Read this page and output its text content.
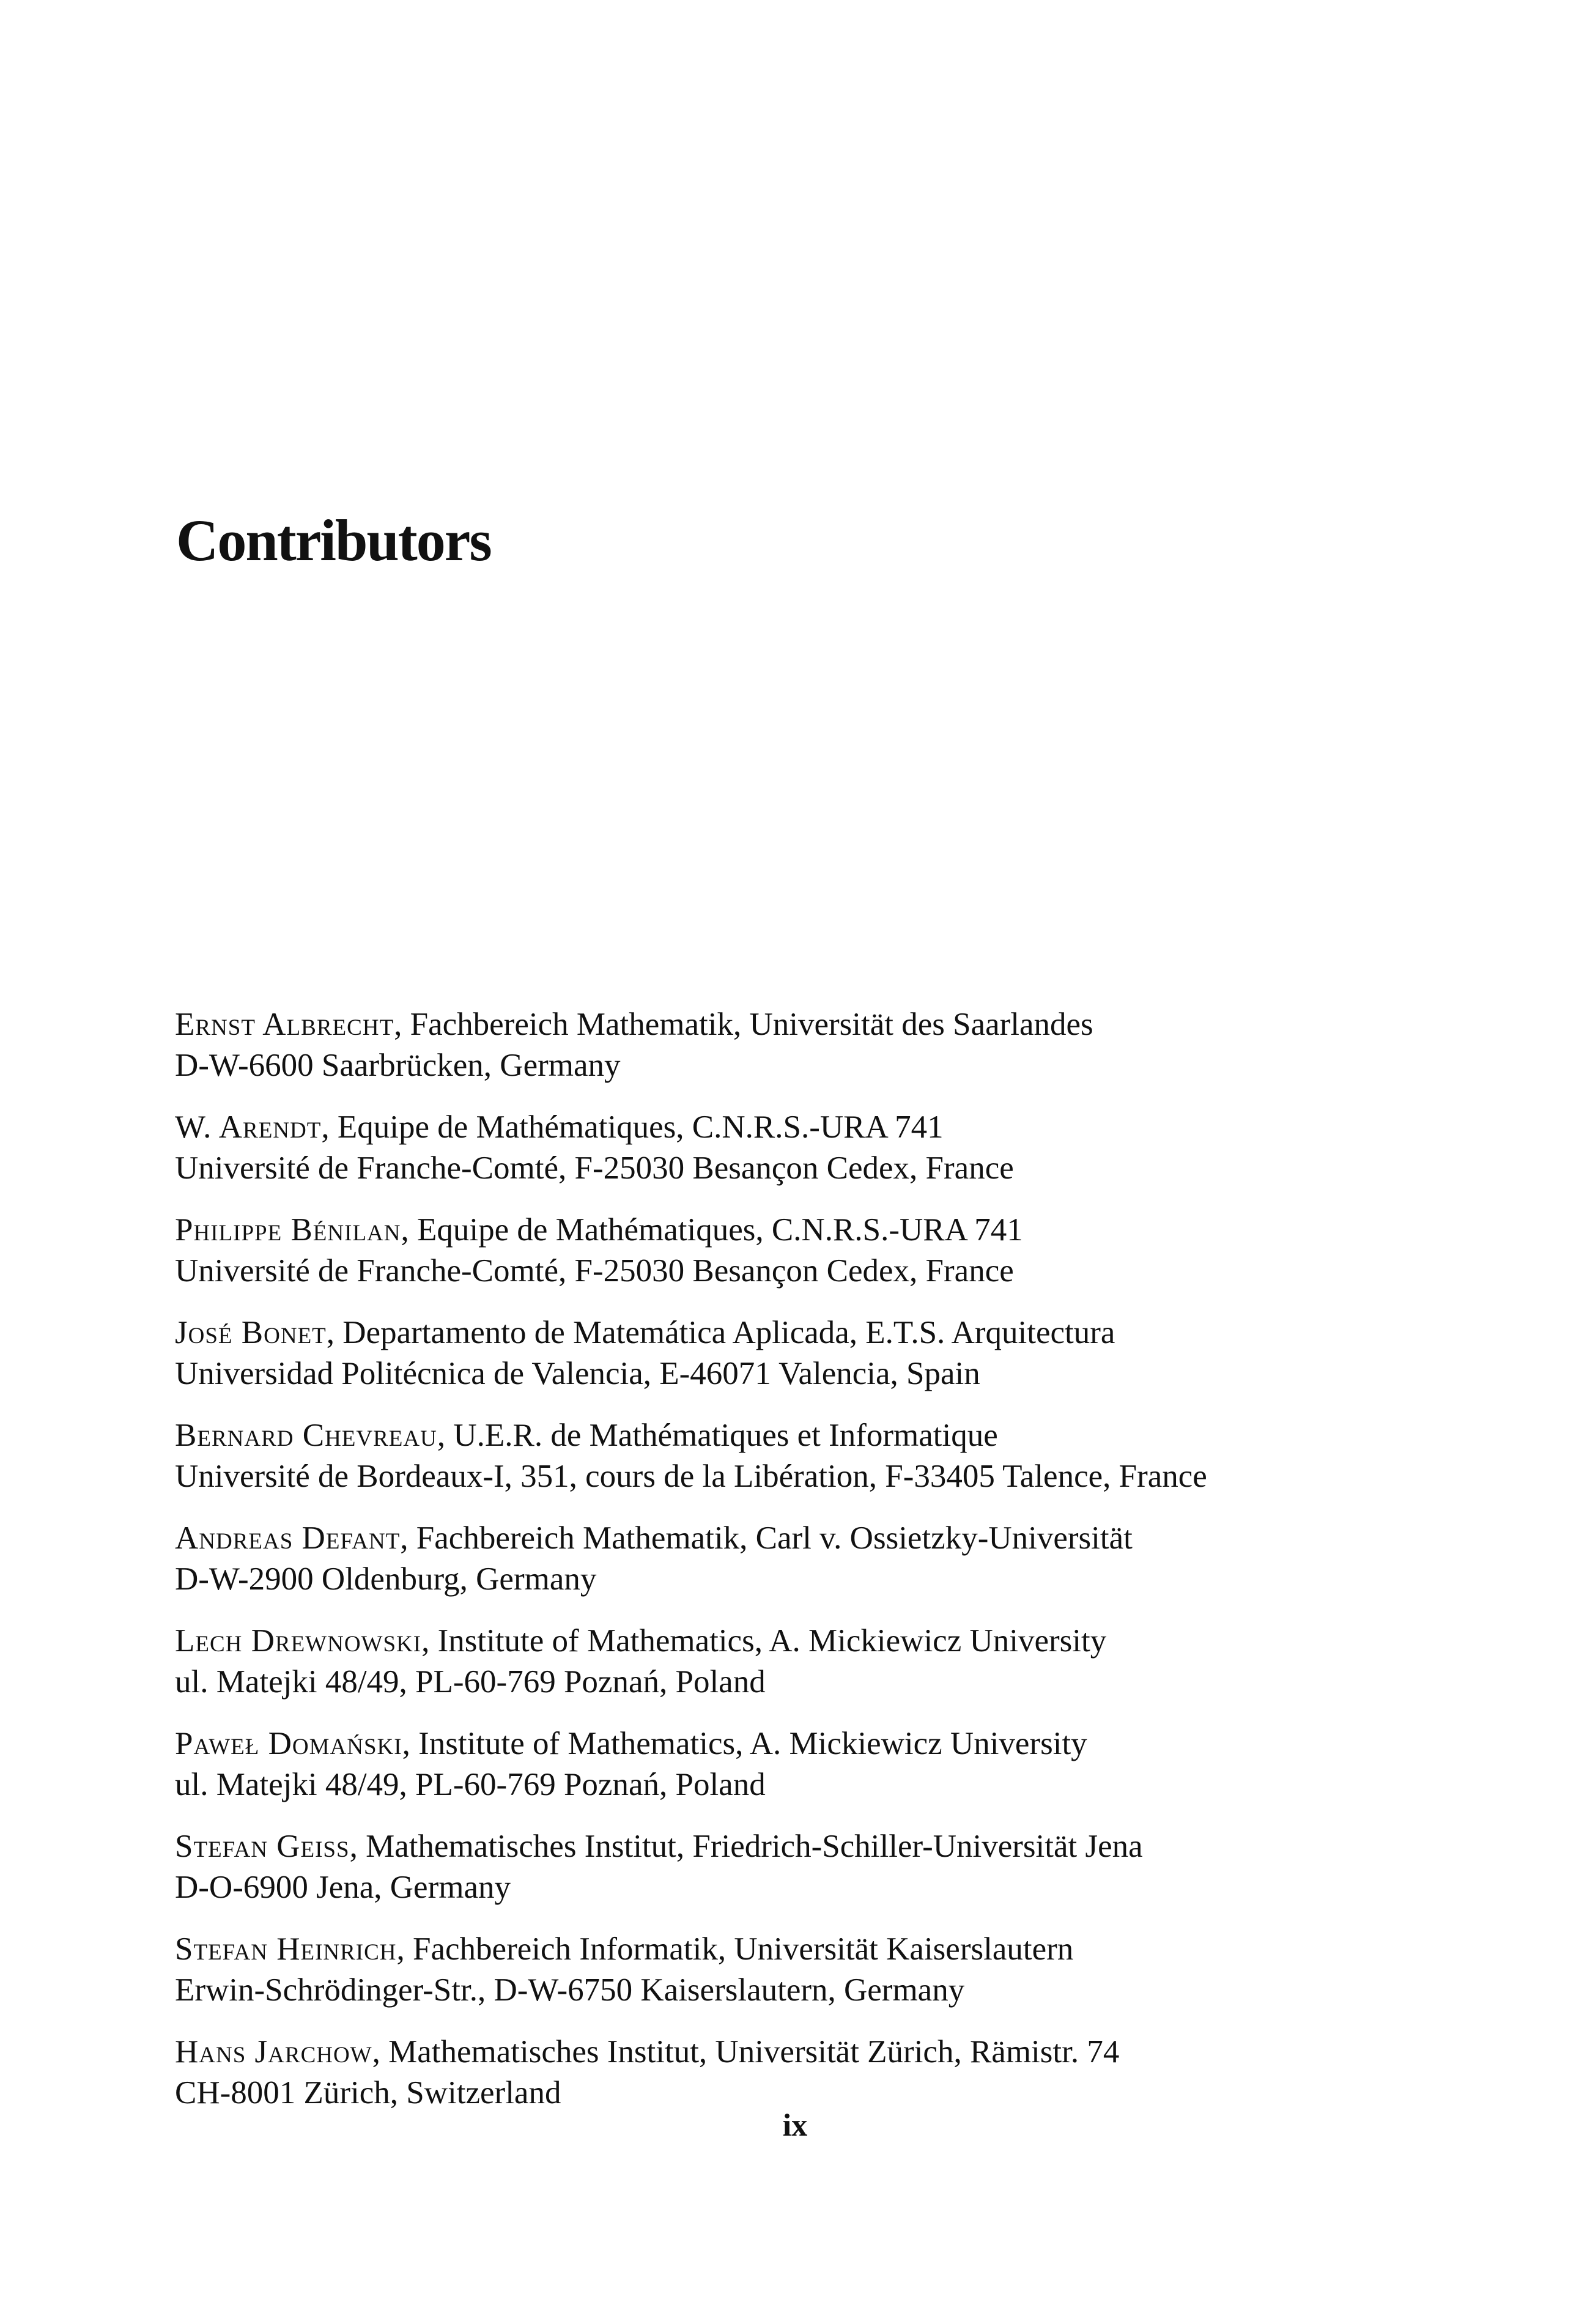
Contributors
Ernst Albrecht, Fachbereich Mathematik, Universität des Saarlandes
D-W-6600 Saarbrücken, Germany
W. Arendt, Equipe de Mathématiques, C.N.R.S.-URA 741
Université de Franche-Comté, F-25030 Besançon Cedex, France
Philippe Bénilan, Equipe de Mathématiques, C.N.R.S.-URA 741
Université de Franche-Comté, F-25030 Besançon Cedex, France
José Bonet, Departamento de Matemática Aplicada, E.T.S. Arquitectura
Universidad Politécnica de Valencia, E-46071 Valencia, Spain
Bernard Chevreau, U.E.R. de Mathématiques et Informatique
Université de Bordeaux-I, 351, cours de la Libération, F-33405 Talence, France
Andreas Defant, Fachbereich Mathematik, Carl v. Ossietzky-Universität
D-W-2900 Oldenburg, Germany
Lech Drewnowski, Institute of Mathematics, A. Mickiewicz University
ul. Matejki 48/49, PL-60-769 Poznań, Poland
Paweł Domański, Institute of Mathematics, A. Mickiewicz University
ul. Matejki 48/49, PL-60-769 Poznań, Poland
Stefan Geiss, Mathematisches Institut, Friedrich-Schiller-Universität Jena
D-O-6900 Jena, Germany
Stefan Heinrich, Fachbereich Informatik, Universität Kaiserslautern
Erwin-Schrödinger-Str., D-W-6750 Kaiserslautern, Germany
Hans Jarchow, Mathematisches Institut, Universität Zürich, Rämistr. 74
CH-8001 Zürich, Switzerland
ix
